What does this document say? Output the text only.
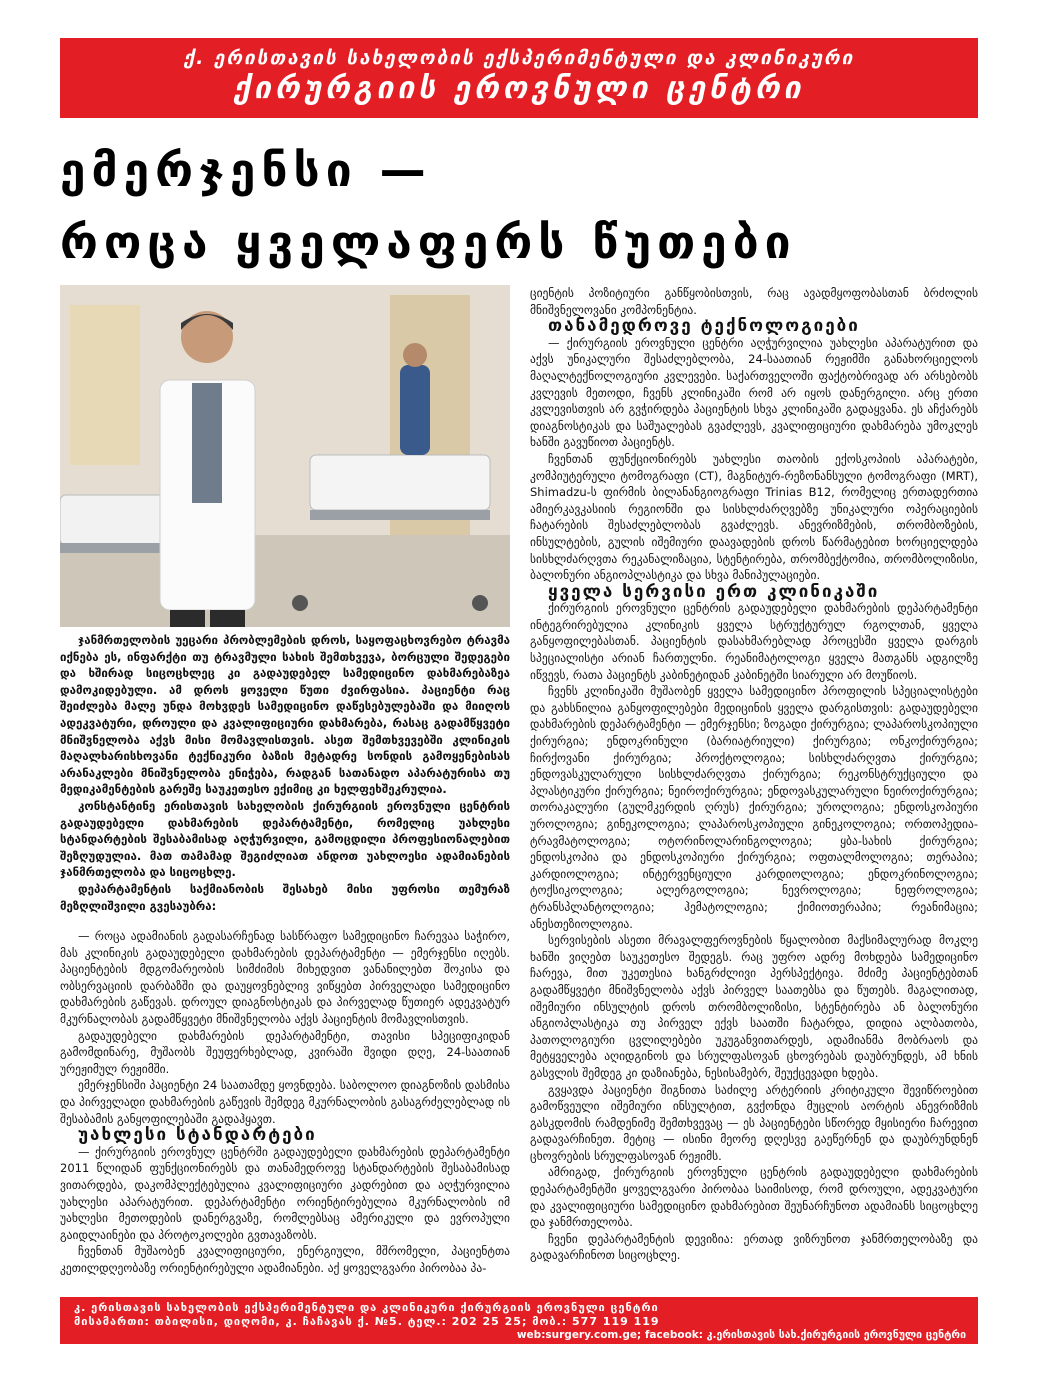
ქ. ერისთავის სახელობის ექსპერიმენტული და კლინიკური
ქირურგიის ეროვნული ცენტრი
ემერჯენსი —
როცა ყველაფერს წუთები

ჯანმრთელობის უეცარი პრობლემების დროს, საყოფაცხოვრებო ტრავმა იქნება ეს, ინფარქტი თუ ტრავმული სახის შემთხვევა, ბორცული შედეგები და ხშირად სიცოცხლეც კი გადაუდებელ სამედიცინო დახმარებაზეა დამოკიდებული. ამ დროს ყოველი წუთი ძვირფასია. პაციენტი რაც შეიძლება მალე უნდა მოხვდეს სამედიცინო დაწესებულებაში და მიიღოს ადეკვატური, დროული და კვალიფიციური დახმარება, რასაც გადამწყვეტი მნიშვნელობა აქვს მისი მომავლისთვის. ასეთ შემთხვევებში კლინიკის მაღალხარისხოვანი ტექნიკური ბაზის მეტადრე სონდის გამოყენებისას არანაკლები მნიშვნელობა ენიჭება, რადგან სათანადო აპარატურისა თუ მედიკამენტების გარეშე საუკეთესო ექიმიც კი ხელფეხშეკრულია.

კონსტანტინე ერისთავის სახელობის ქირურგიის ეროვნული ცენტრის გადაუდებელი დახმარების დეპარტამენტი, რომელიც უახლესი სტანდარტების შესაბამისად აღჭურვილი, გამოცდილი პროფესიონალებით შეზღუდულია. მათ თამამად შეგიძლიათ ანდოთ უახლოესი ადამიანების ჯანმრთელობა და სიცოცხლე.

დეპარტამენტის საქმიანობის შესახებ მისი უფროსი თემურაზ მეზღლიშვილი გვესაუბრა:

— როცა ადამიანის გადასარჩენად სასწრაფო სამედიცინო ჩარევაა საჭირო, მას კლინიკის გადაუდებელი დახმარების დეპარტამენტი — ემერჯენსი იღებს. პაციენტების მდგომარეობის სიმძიმის მიხედვით ვანანილებთ შოკისა და ობსერვაციის დარბაზში და დაუყოვნებლივ ვიწყებთ პირველადი სამედიცინო დახმარების გაწევას. დროულ დიაგნოსტიკას და პირველად წუთიერ ადეკვატურ მკურნალობას გადამწყვეტი მნიშვნელობა აქვს პაციენტის მომავლისთვის.

გადაუდებელი დახმარების დეპარტამენტი, თავისი სპეციფიკიდან გამომდინარე, მუშაობს შეუფერხებლად, კვირაში შვიდი დღე, 24-საათიან ურეჟიმულ რეჟიმში.

ემერჯენსიში პაციენტი 24 საათამდე ყოვნდება. საბოლოო დიაგნოზის დასმისა და პირველადი დახმარების გაწევის შემდეგ მკურნალობის გასაგრძელებლად ის შესაბამის განყოფილებაში გადაჰყავთ.

უახლესი სტანდარტები

— ქირურგიის ეროვნულ ცენტრში გადაუდებელი დახმარების დეპარტამენტი 2011 წლიდან ფუნქციონირებს და თანამედროვე სტანდარტების შესაბამისად ვითარდება, დაკომპლექტებულია კვალიფიციური კადრებით და აღჭურვილია უახლესი აპარატურით. დეპარტამენტი ორიენტირებულია მკურნალობის იმ უახლესი მეთოდების დანერგვაზე, რომლებსაც ამერიკული და ევროპული გაიდლაინები და პროტოკოლები გვთავაზობს.

ჩვენთან მუშაობენ კვალიფიციური, ენერგიული, მშრომელი, პაციენტთა კეთილდღეობაზე ორიენტირებული ადამიანები. აქ ყოველგვარი პირობაა პა-

ციენტის პოზიტიური განწყობისთვის, რაც ავადმყოფობასთან ბრძოლის მნიშვნელოვანი კომპონენტია.

თანამედროვე ტექნოლოგიები

— ქირურგიის ეროვნული ცენტრი აღჭურვილია უახლესი აპარატურით და აქვს უნიკალური შესაძლებლობა, 24-საათიან რეჟიმში განახორციელოს მაღალტექნოლოგიური კვლევები. საქართველოში ფაქტობრივად არ არსებობს კვლევის მეთოდი, ჩვენს კლინიკაში რომ არ იყოს დანერგილი. არც ერთი კვლევისთვის არ გვჭირდება პაციენტის სხვა კლინიკაში გადაყვანა. ეს აჩქარებს დიაგნოსტიკას და საშუალებას გვაძლევს, კვალიფიციური დახმარება უმოკლეს ხანში გავუწიოთ პაციენტს.

ჩვენთან ფუნქციონირებს უახლესი თაობის ექოსკოპიის აპარატები, კომპიუტერული ტომოგრაფი (CT), მაგნიტურ-რეზონანსული ტომოგრაფი (MRT), Shimadzu-ს ფირმის ბილანანგიოგრაფი Trinias B12, რომელიც ერთადერთია ამიერკავკასიის რეგიონში და სისხლძარღვებზე უნიკალური ოპერაციების ჩატარების შესაძლებლობას გვაძლევს. ანევრიზმების, თრომბოზების, ინსულტების, გულის იშემიური დაავადების დროს წარმატებით ხორციელდება სისხლძარღვთა რეკანალიზაცია, სტენტირება, თრომბექტომია, თრომბოლიზისი, ბალონური ანგიოპლასტიკა და სხვა მანიპულაციები.

ყველა სერვისი ერთ კლინიკაში

ქირურგიის ეროვნული ცენტრის გადაუდებელი დახმარების დეპარტამენტი ინტეგრირებულია კლინიკის ყველა სტრუქტურულ რგოლთან, ყველა განყოფილებასთან. პაციენტის დასახმარებლად პროცესში ყველა დარგის სპეციალისტი არიან ჩართულნი. რეანიმატოლოგი ყველა მათგანს ადგილზე იწვევს, რათა პაციენტს კაბინეტიდან კაბინეტში სიარული არ მოუწიოს.

ჩვენს კლინიკაში მუშაობენ ყველა სამედიცინო პროფილის სპეციალისტები და გახსნილია განყოფილებები მედიცინის ყველა დარგისთვის: გადაუდებელი დახმარების დეპარტამენტი — ემერჯენსი; ზოგადი ქირურგია; ლაპაროსკოპიული ქირურგია; ენდოკრინული (ბარიატრიული) ქირურგია; ონკოქირურგია; ჩირქოვანი ქირურგია; პროქტოლოგია; სისხლძარღვთა ქირურგია; ენდოვასკულარული სისხლძარღვთა ქირურგია; რეკონსტრუქციული და პლასტიკური ქირურგია; ნეიროქირურგია; ენდოვასკულარული ნეიროქირურგია; თორაკალური (გულმკერდის ღრუს) ქირურგია; უროლოგია; ენდოსკოპიური უროლოგია; გინეკოლოგია; ლაპაროსკოპიული გინეკოლოგია; ორთოპედია-ტრავმატოლოგია; ოტორინოლარინგოლოგია; ყბა-სახის ქირურგია; ენდოსკოპია და ენდოსკოპიური ქირურგია; ოფთალმოლოგია; თერაპია; კარდიოლოგია; ინტერვენციული კარდიოლოგია; ენდოკრინოლოგია; ტოქსიკოლოგია; ალერგოლოგია; ნევროლოგია; ნეფროლოგია; ტრანსპლანტოლოგია; ჰემატოლოგია; ქიმიოთერაპია; რეანიმაცია; ანესთეზიოლოგია.

სერვისების ასეთი მრავალფეროვნების წყალობით მაქსიმალურად მოკლე ხანში ვიღებთ საუკეთესო შედეგს. რაც უფრო ადრე მოხდება სამედიცინო ჩარევა, მით უკეთესია ხანგრძლივი პერსპექტივა. მძიმე პაციენტებთან გადამწყვეტი მნიშვნელობა აქვს პირველ საათებსა და წუთებს. მაგალითად, იშემიური ინსულტის დროს თრომბოლიზისი, სტენტირება ან ბალონური ანგიოპლასტიკა თუ პირველ ექვს საათში ჩატარდა, დიდია ალბათობა, პათოლოგიური ცვლილებები უკუგანვითარდეს, ადამიანმა მობრაოს და მეტყველება აღიდგინოს და სრულფასოვან ცხოვრებას დაუბრუნდეს, ამ ხნის გასვლის შემდეგ კი დაზიანება, ნესისამებრ, შეუქცევადი ხდება.

გვყავდა პაციენტი შიგნითა საძილე არტერიის კრიტიკული შევიწროებით გამოწვეული იშემიური ინსულტით, გვქონდა მუცლის აორტის ანევრიზმის გასკდომის რამდენიმე შემთხვევაც — ეს პაციენტები სწორედ მყისიერი ჩარევით გადავარჩინეთ. მეტიც — ისინი მეორე დღესვე გაეწერნენ და დაუბრუნდნენ ცხოვრების სრულფასოვან რეჟიმს.

ამრიგად, ქირურგიის ეროვნული ცენტრის გადაუდებელი დახმარების დეპარტამენტში ყოველგვარი პირობაა საიმისოდ, რომ დროული, ადეკვატური და კვალიფიციური სამედიცინო დახმარებით შეუნარჩუნოთ ადამიანს სიცოცხლე და ჯანმრთელობა.

ჩვენი დეპარტამენტის დევიზია: ერთად ვიზრუნოთ ჯანმრთელობაზე და გადავარჩინოთ სიცოცხლე.

კ. ერისთავის სახელობის ექსპერიმენტული და კლინიკური ქირურგიის ეროვნული ცენტრი
მისამართი: თბილისი, დიღომი, კ. ჩაჩავას ქ. №5. ტელ.: 202 25 25; მობ.: 577 119 119
web:surgery.com.ge; facebook: კ.ერისთავის სახ.ქირურგიის ეროვნული ცენტრი
